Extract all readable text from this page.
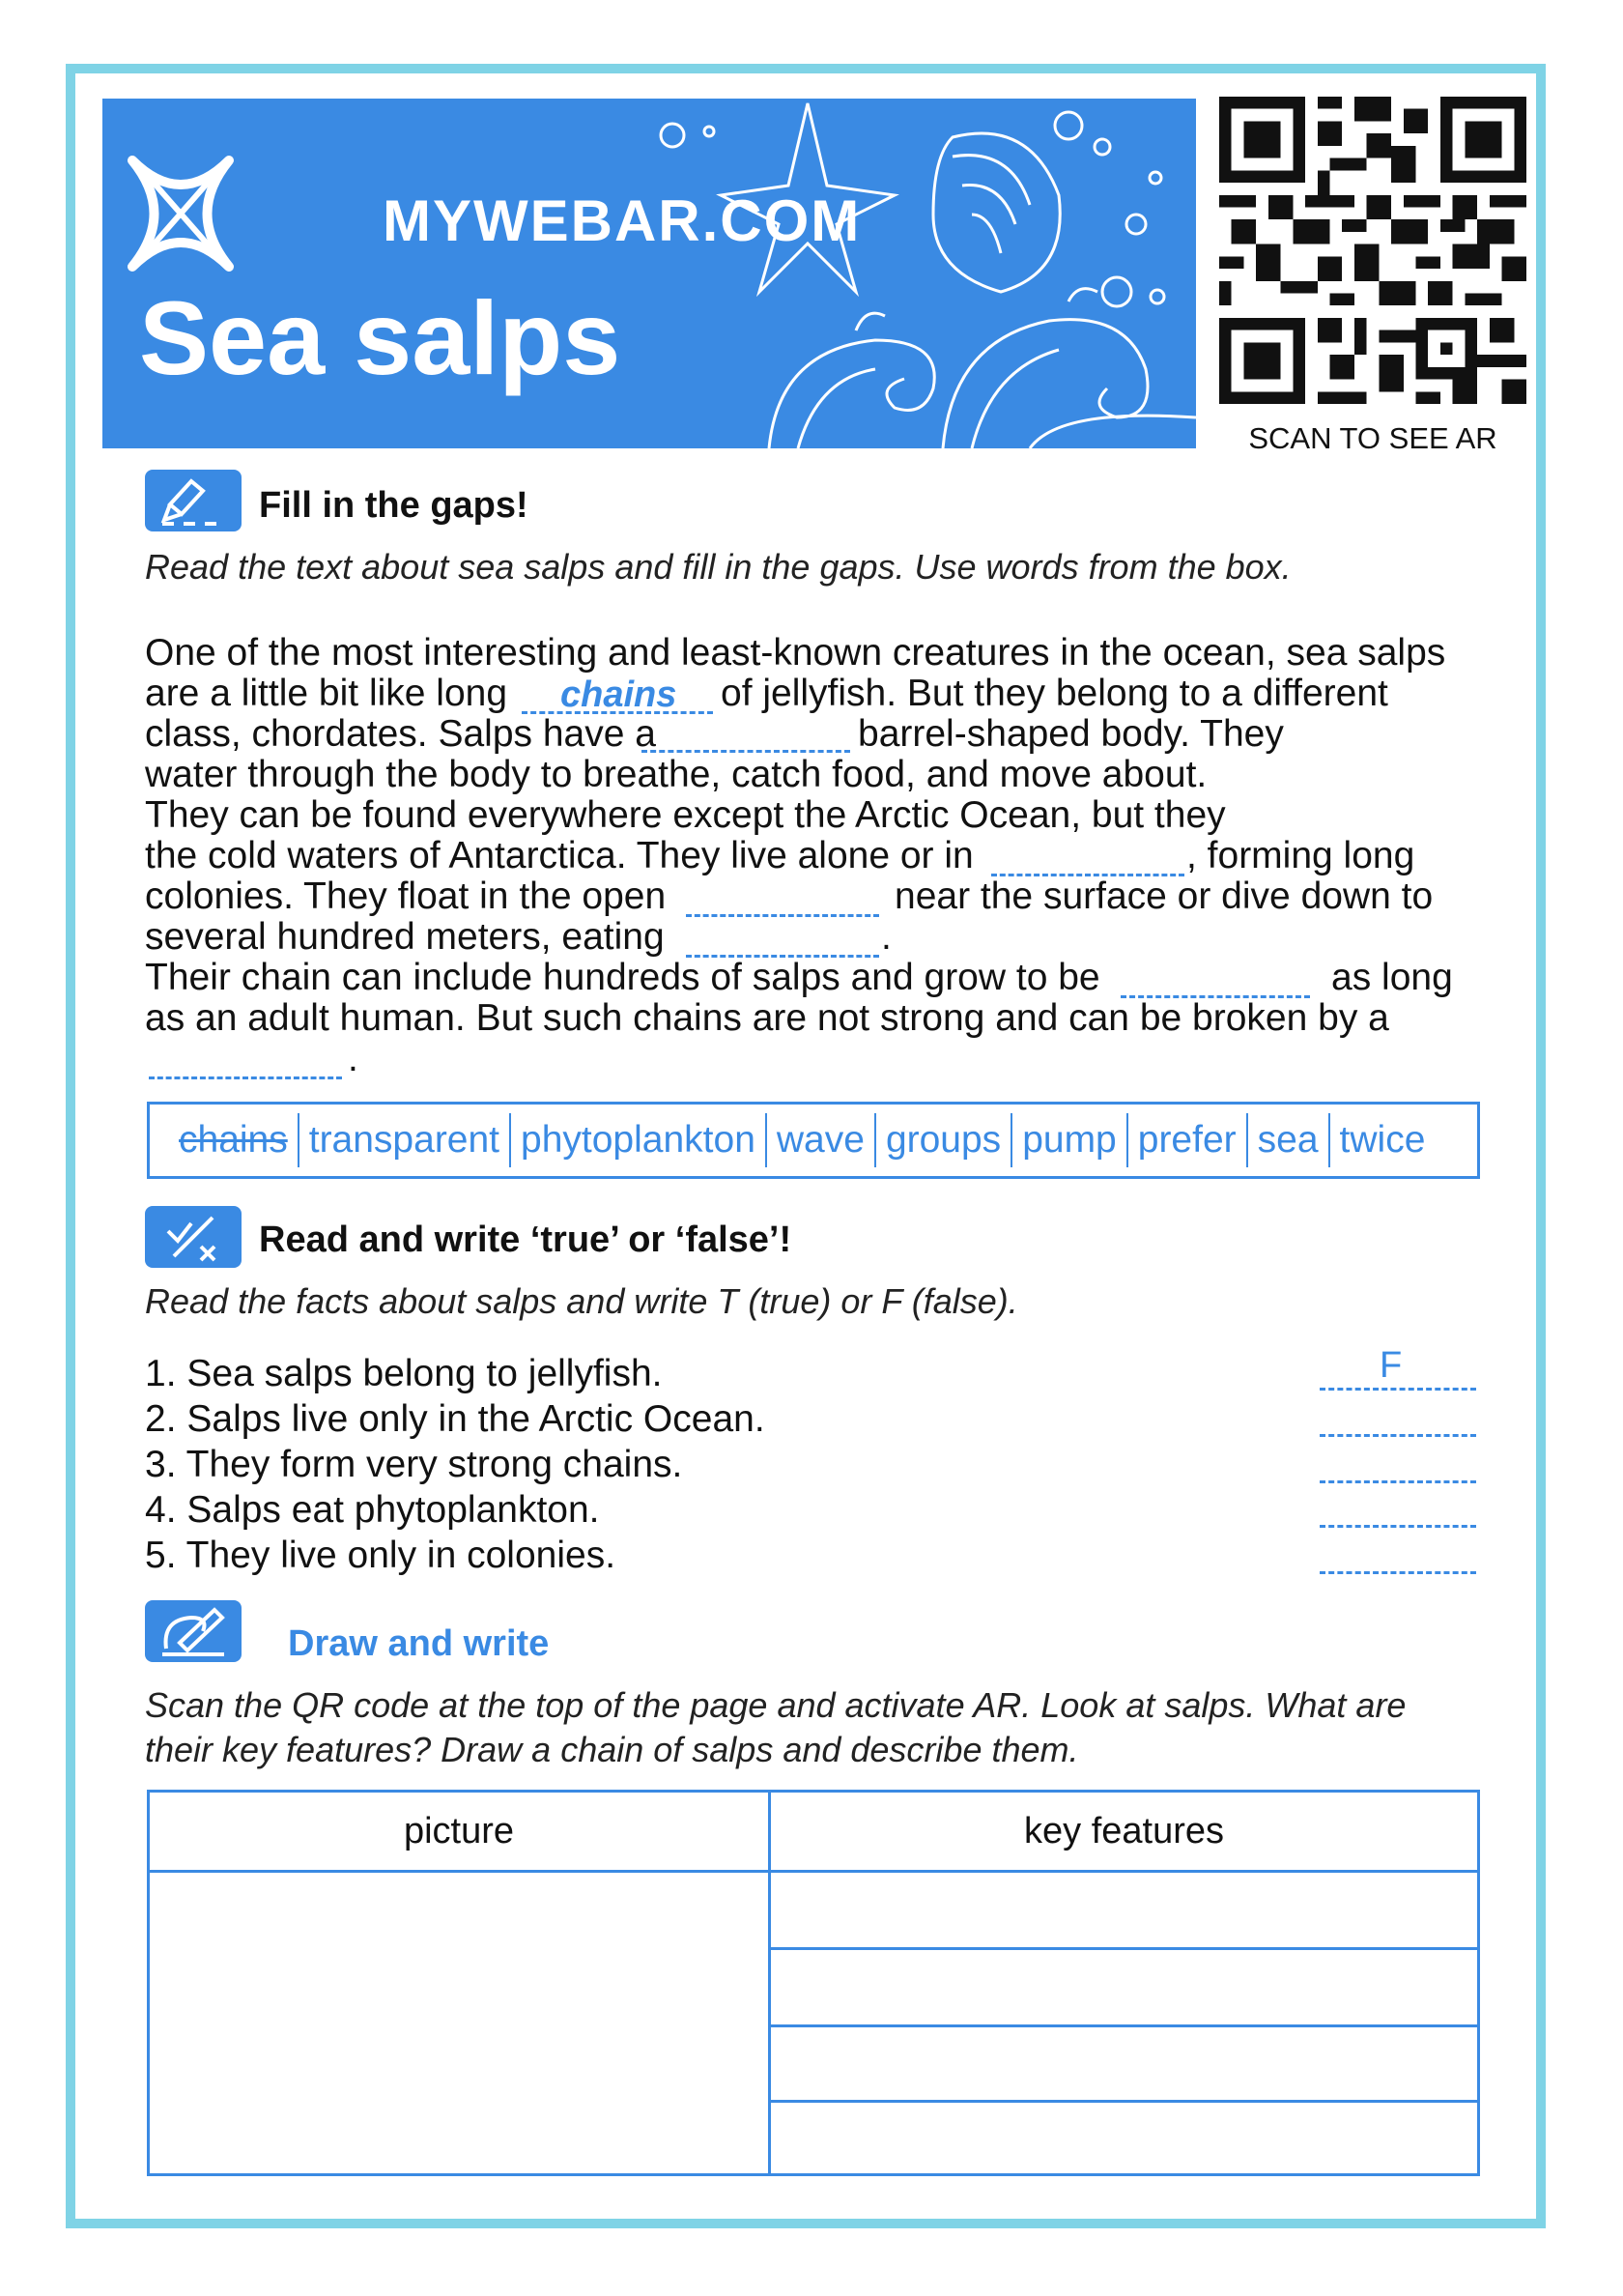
MYWEBAR.COM
Sea salps
SCAN TO SEE AR
Fill in the gaps!
Read the text about sea salps and fill in the gaps. Use words from the box.
One of the most interesting and least-known creatures in the ocean, sea salps
are a little bit like long chains of jellyfish. But they belong to a different
class, chordates. Salps have a	barrel-shaped body. They
water through the body to breathe, catch food, and move about.
They can be found everywhere except the Arctic Ocean, but they
the cold waters of Antarctica. They live alone or in	, forming long
colonies. They float in the open	near the surface or dive down to
several hundred meters, eating	.
Their chain can include hundreds of salps and grow to be	as long
as an adult human. But such chains are not strong and can be broken by a
.
chains transparent phytoplankton wave groups pump prefer sea twice
Read and write ‘true’ or ‘false’!
Read the facts about salps and write T (true) or F (false).
1. Sea salps belong to jellyfish.	F
2. Salps live only in the Arctic Ocean.
3. They form very strong chains.
4. Salps eat phytoplankton.
5. They live only in colonies.
Draw and write
Scan the QR code at the top of the page and activate AR. Look at salps. What are
their key features? Draw a chain of salps and describe them.
picture	key features
